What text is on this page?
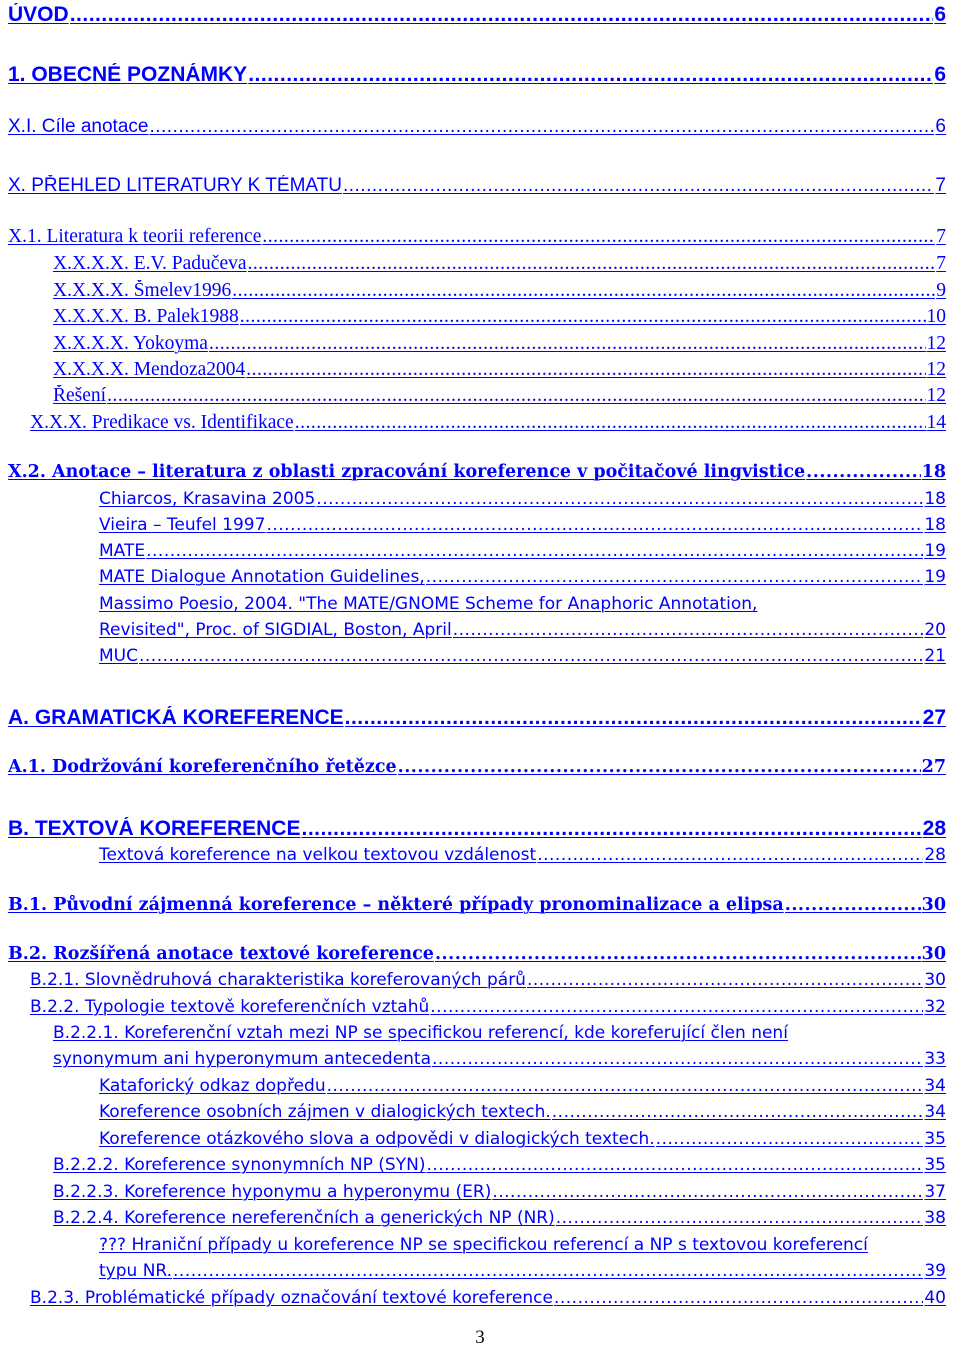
ÚVOD .....	6
1. OBECNÉ POZNÁMKY .....	6
X.I. Cíle anotace .....	6
X. PŘEHLED LITERATURY K TÉMATU .....	7
X.1. Literatura k teorii reference .....	7
X.X.X.X. E.V. Padučeva .....	7
X.X.X.X. Šmelev1996 .....	9
X.X.X.X. B. Palek1988 .....	10
X.X.X.X. Yokoyma .....	12
X.X.X.X. Mendoza2004 .....	12
Řešení .....	12
X.X.X. Predikace vs. Identifikace .....	14
X.2. Anotace – literatura z oblasti zpracování koreference v počitačové lingvistice .....	18
Chiarcos, Krasavina 2005 .....	18
Vieira – Teufel 1997 .....	18
MATE .....	19
MATE Dialogue Annotation Guidelines, .....	19
Massimo Poesio, 2004. "The MATE/GNOME Scheme for Anaphoric Annotation,
Revisited", Proc. of SIGDIAL, Boston, April .....	20
MUC .....	21
A. GRAMATICKÁ KOREFERENCE .....	27
A.1. Dodržování koreferenčního řetězce .....	27
B. TEXTOVÁ KOREFERENCE .....	28
Textová koreference na velkou textovou vzdálenost .....	28
B.1. Původní zájmenná koreference – některé případy pronominalizace a elipsa .....	30
B.2. Rozšířená anotace textové koreference .....	30
B.2.1. Slovnědruhová charakteristika koreferovaných párů .....	30
B.2.2. Typologie textově koreferenčních vztahů .....	32
B.2.2.1. Koreferenční vztah mezi NP se specifickou referencí, kde koreferující člen není
synonymum ani hyperonymum antecedenta .....	33
Kataforický odkaz dopředu .....	34
Koreference osobních zájmen v dialogických textech. .....	34
Koreference otázkového slova a odpovědi v dialogických textech. .....	35
B.2.2.2. Koreference synonymních NP (SYN) .....	35
B.2.2.3. Koreference hyponymu a hyperonymu (ER) .....	37
B.2.2.4. Koreference nereferenčních a generických NP (NR) .....	38
??? Hraniční případy u koreference NP se specifickou referencí a NP s textovou koreferencí
typu NR. .....	39
B.2.3. Problématické případy označování textové koreference .....	40
3
